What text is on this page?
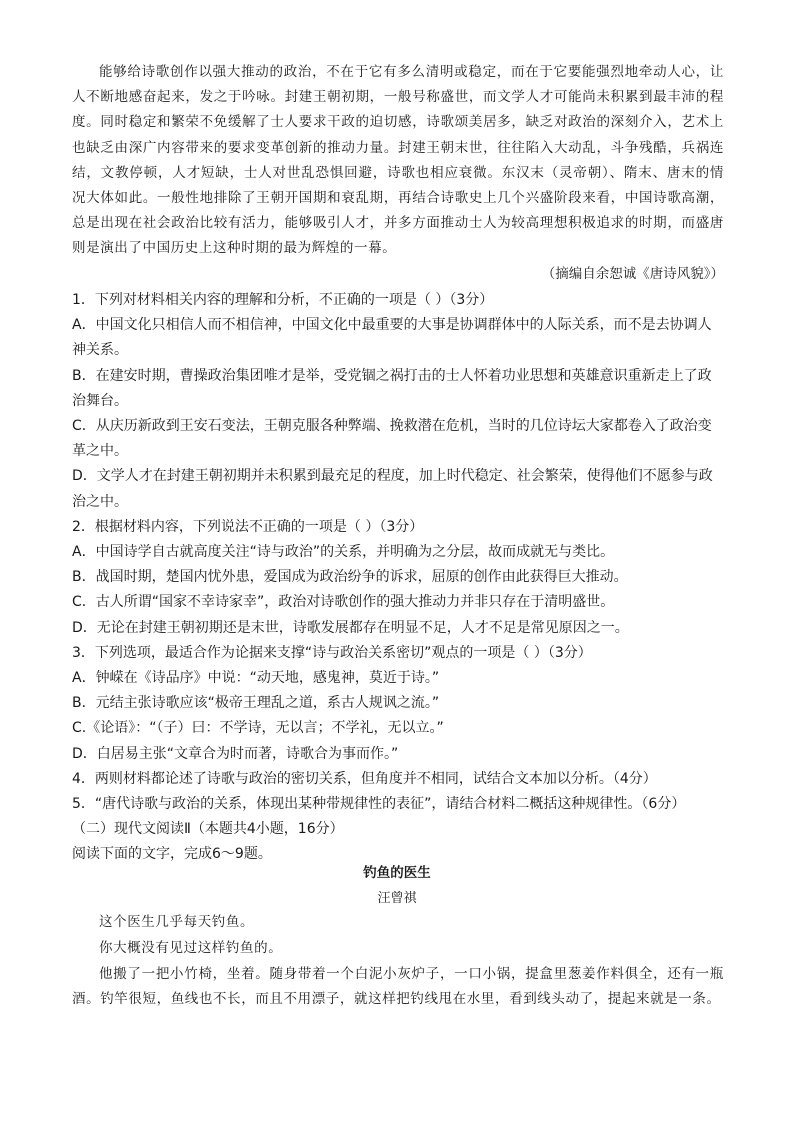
能够给诗歌创作以强大推动的政治，不在于它有多么清明或稳定，而在于它要能强烈地牵动人心，让人不断地感奋起来，发之于吟咏。封建王朝初期，一般号称盛世，而文学人才可能尚未积累到最丰沛的程度。同时稳定和繁荣不免缓解了士人要求干政的迫切感，诗歌颂美居多，缺乏对政治的深刻介入，艺术上也缺乏由深广内容带来的要求变革创新的推动力量。封建王朝末世，往往陷入大动乱，斗争残酷，兵祸连结，文教停顿，人才短缺，士人对世乱恐惧回避，诗歌也相应衰微。东汉末（灵帝朝）、隋末、唐末的情况大体如此。一般性地排除了王朝开国期和衰乱期，再结合诗歌史上几个兴盛阶段来看，中国诗歌高潮，总是出现在社会政治比较有活力，能够吸引人才，并多方面推动士人为较高理想积极追求的时期，而盛唐则是演出了中国历史上这种时期的最为辉煌的一幕。

（摘编自余恕诚《唐诗风貌》）

1．下列对材料相关内容的理解和分析，不正确的一项是（ ）（3分）

A．中国文化只相信人而不相信神，中国文化中最重要的大事是协调群体中的人际关系，而不是去协调人神关系。

B．在建安时期，曹操政治集团唯才是举，受党锢之祸打击的士人怀着功业思想和英雄意识重新走上了政治舞台。

C．从庆历新政到王安石变法，王朝克服各种弊端、挽救潜在危机，当时的几位诗坛大家都卷入了政治变革之中。

D．文学人才在封建王朝初期并未积累到最充足的程度，加上时代稳定、社会繁荣，使得他们不愿参与政治之中。

2．根据材料内容，下列说法不正确的一项是（ ）（3分）

A．中国诗学自古就高度关注“诗与政治”的关系，并明确为之分层，故而成就无与类比。

B．战国时期，楚国内忧外患，爱国成为政治纷争的诉求，屈原的创作由此获得巨大推动。

C．古人所谓“国家不幸诗家幸”，政治对诗歌创作的强大推动力并非只存在于清明盛世。

D．无论在封建王朝初期还是末世，诗歌发展都存在明显不足，人才不足是常见原因之一。

3．下列选项，最适合作为论据来支撑“诗与政治关系密切”观点的一项是（ ）（3分）

A．钟嵘在《诗品序》中说：“动天地，感鬼神，莫近于诗。”

B．元结主张诗歌应该“极帝王理乱之道，系古人规讽之流。”

C.《论语》：“（子）曰：不学诗，无以言；不学礼，无以立。”

D．白居易主张“文章合为时而著，诗歌合为事而作。”

4．两则材料都论述了诗歌与政治的密切关系，但角度并不相同，试结合文本加以分析。（4分）

5．“唐代诗歌与政治的关系，体现出某种带规律性的表征”，请结合材料二概括这种规律性。（6分）

（二）现代文阅读Ⅱ（本题共4小题，16分）

阅读下面的文字，完成6～9题。

钓鱼的医生
汪曾祺

这个医生几乎每天钓鱼。

你大概没有见过这样钓鱼的。

他搬了一把小竹椅，坐着。随身带着一个白泥小灰炉子，一口小锅，提盒里葱姜作料俱全，还有一瓶酒。钓竿很短，鱼线也不长，而且不用漂子，就这样把钓线甩在水里，看到线头动了，提起来就是一条。
